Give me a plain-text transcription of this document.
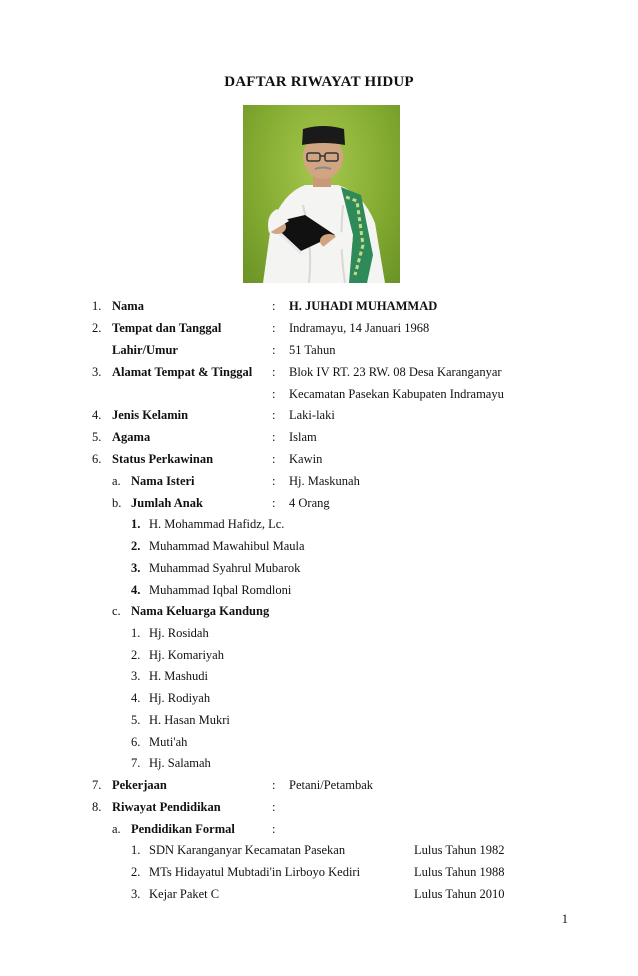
DAFTAR RIWAYAT HIDUP
1. Nama	: H. JUHADI MUHAMMAD
2. Tempat dan Tanggal	: Indramayu, 14 Januari 1968
Lahir/Umur	: 51 Tahun
3. Alamat Tempat & Tinggal : Blok IV RT. 23 RW. 08 Desa Karanganyar
: Kecamatan Pasekan Kabupaten Indramayu
4. Jenis Kelamin	: Laki-laki
5. Agama	: Islam
6. Status Perkawinan	: Kawin
a. Nama Isteri	: Hj. Maskunah
b. Jumlah Anak	: 4 Orang
1. H. Mohammad Hafidz, Lc.
2. Muhammad Mawahibul Maula
3. Muhammad Syahrul Mubarok
4. Muhammad Iqbal Romdloni
c. Nama Keluarga Kandung
1. Hj. Rosidah
2. Hj. Komariyah
3. H. Mashudi
4. Hj. Rodiyah
5. H. Hasan Mukri
6. Muti'ah
7. Hj. Salamah
7. Pekerjaan	: Petani/Petambak
8. Riwayat Pendidikan	:
a. Pendidikan Formal	:
1. SDN Karanganyar Kecamatan Pasekan	Lulus Tahun 1982
2. MTs Hidayatul Mubtadi'in Lirboyo Kediri	Lulus Tahun 1988
3. Kejar Paket C	Lulus Tahun 2010
1
